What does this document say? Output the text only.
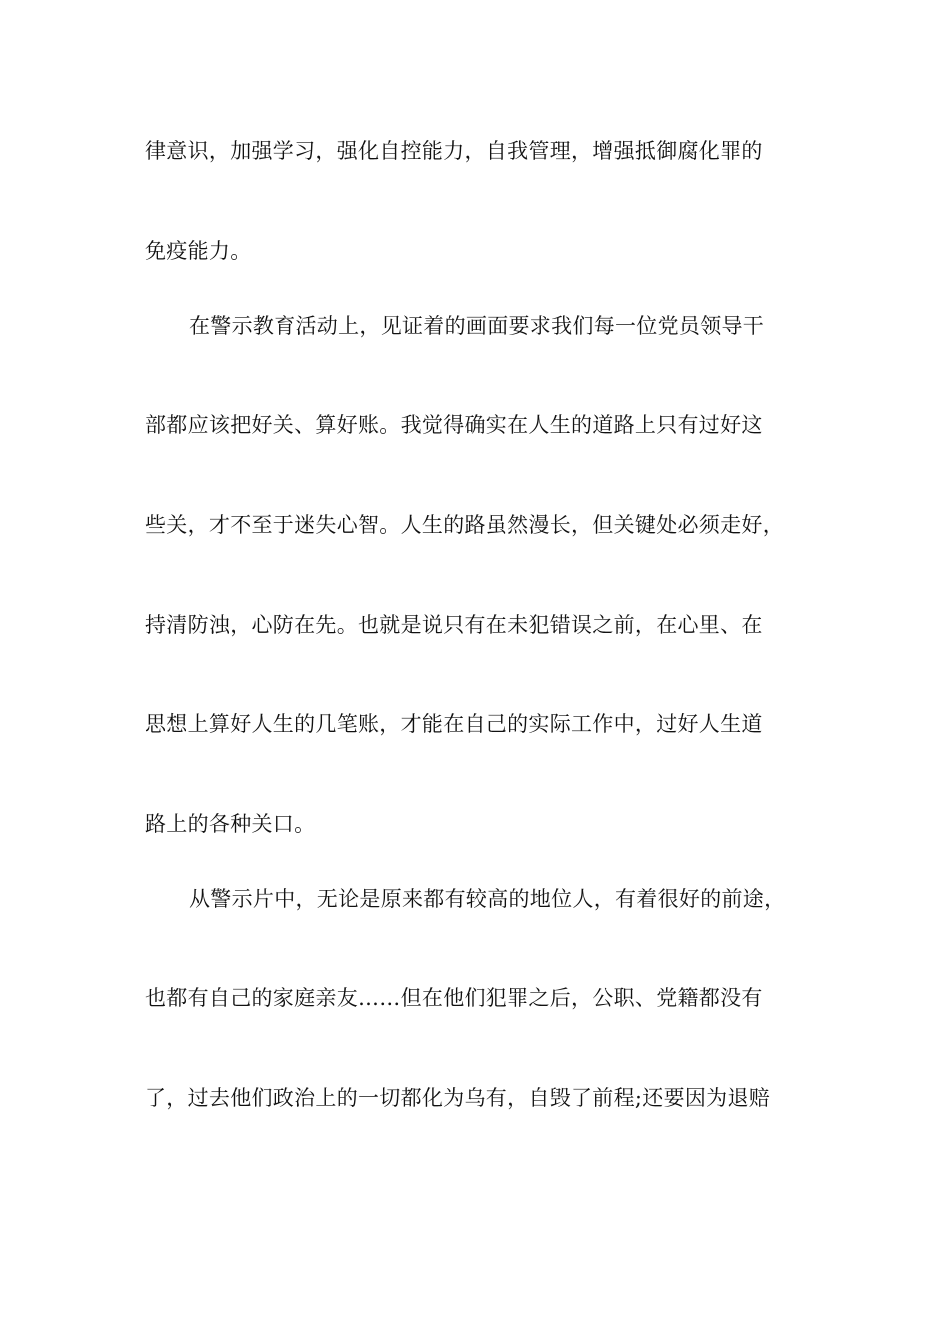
律意识，加强学习，强化自控能力，自我管理，增强抵御腐化罪的
免疫能力。
在警示教育活动上，见证着的画面要求我们每一位党员领导干
部都应该把好关、算好账。我觉得确实在人生的道路上只有过好这
些关，才不至于迷失心智。人生的路虽然漫长，但关键处必须走好，
持清防浊，心防在先。也就是说只有在未犯错误之前，在心里、在
思想上算好人生的几笔账，才能在自己的实际工作中，过好人生道
路上的各种关口。
从警示片中，无论是原来都有较高的地位人，有着很好的前途，
也都有自己的家庭亲友……但在他们犯罪之后，公职、党籍都没有
了，过去他们政治上的一切都化为乌有，自毁了前程;还要因为退赔
